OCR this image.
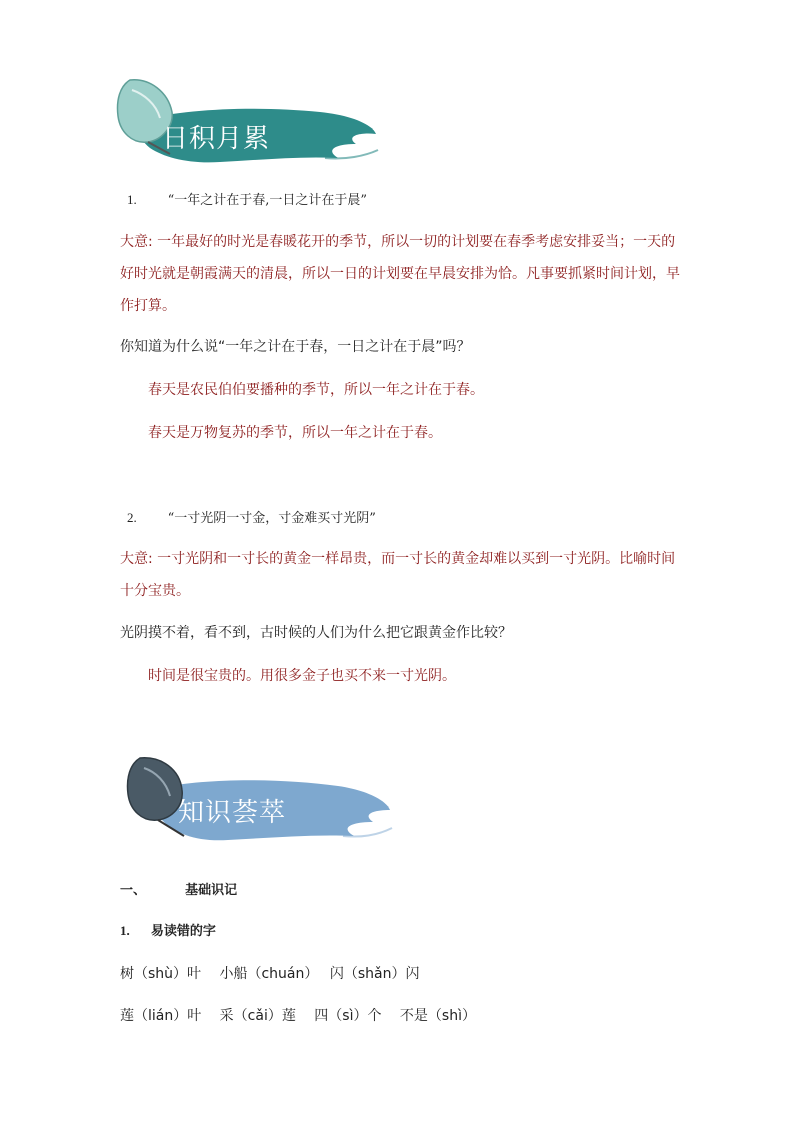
日积月累
1. “一年之计在于春,一日之计在于晨”
大意: 一年最好的时光是春暖花开的季节，所以一切的计划要在春季考虑安排妥当；一天的
好时光就是朝霞满天的清晨，所以一日的计划要在早晨安排为恰。凡事要抓紧时间计划，早
作打算。
你知道为什么说“一年之计在于春，一日之计在于晨”吗？
春天是农民伯伯要播种的季节，所以一年之计在于春。
春天是万物复苏的季节，所以一年之计在于春。
2. “一寸光阴一寸金，寸金难买寸光阴”
大意: 一寸光阴和一寸长的黄金一样昂贵，而一寸长的黄金却难以买到一寸光阴。比喻时间
十分宝贵。
光阴摸不着，看不到，古时候的人们为什么把它跟黄金作比较？
时间是很宝贵的。用很多金子也买不来一寸光阴。
知识荟萃
一、	基础识记
1. 易读错的字
树（shù）叶　 小船（chuán）　 闪（shǎn）闪
莲（lián）叶　 采（cǎi）莲　 四（sì）个　 不是（shì）
